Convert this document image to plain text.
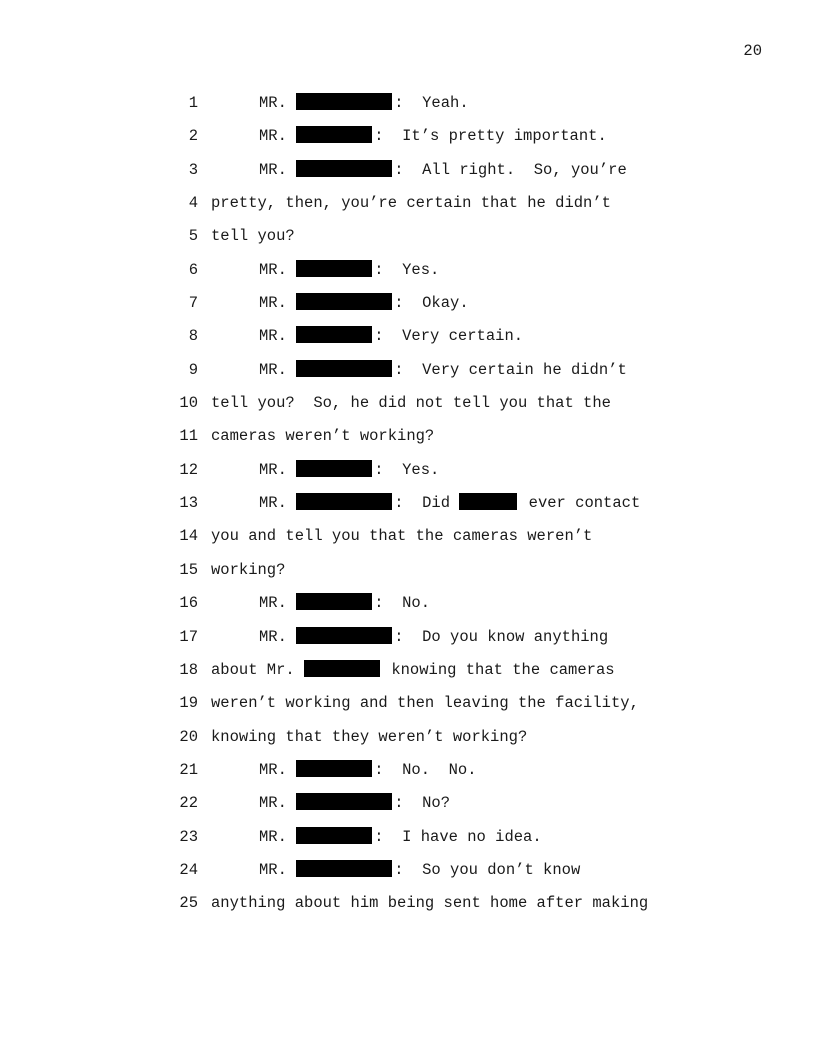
20
1	MR.	:  Yeah.
2	MR.	:  It’s pretty important.
3	MR.	:  All right.  So, you’re
4 pretty, then, you’re certain that he didn’t
5 tell you?
6	MR.	:  Yes.
7	MR.	:  Okay.
8	MR.	:  Very certain.
9	MR.	:  Very certain he didn’t
10 tell you?  So, he did not tell you that the
11 cameras weren’t working?
12	MR.	:  Yes.
13	MR.	:  Did	ever contact
14 you and tell you that the cameras weren’t
15 working?
16	MR.	:  No.
17	MR.	:  Do you know anything
18 about Mr.	knowing that the cameras
19 weren’t working and then leaving the facility,
20 knowing that they weren’t working?
21	MR.	:  No.  No.
22	MR.	:  No?
23	MR.	:  I have no idea.
24	MR.	:  So you don’t know
25 anything about him being sent home after making
